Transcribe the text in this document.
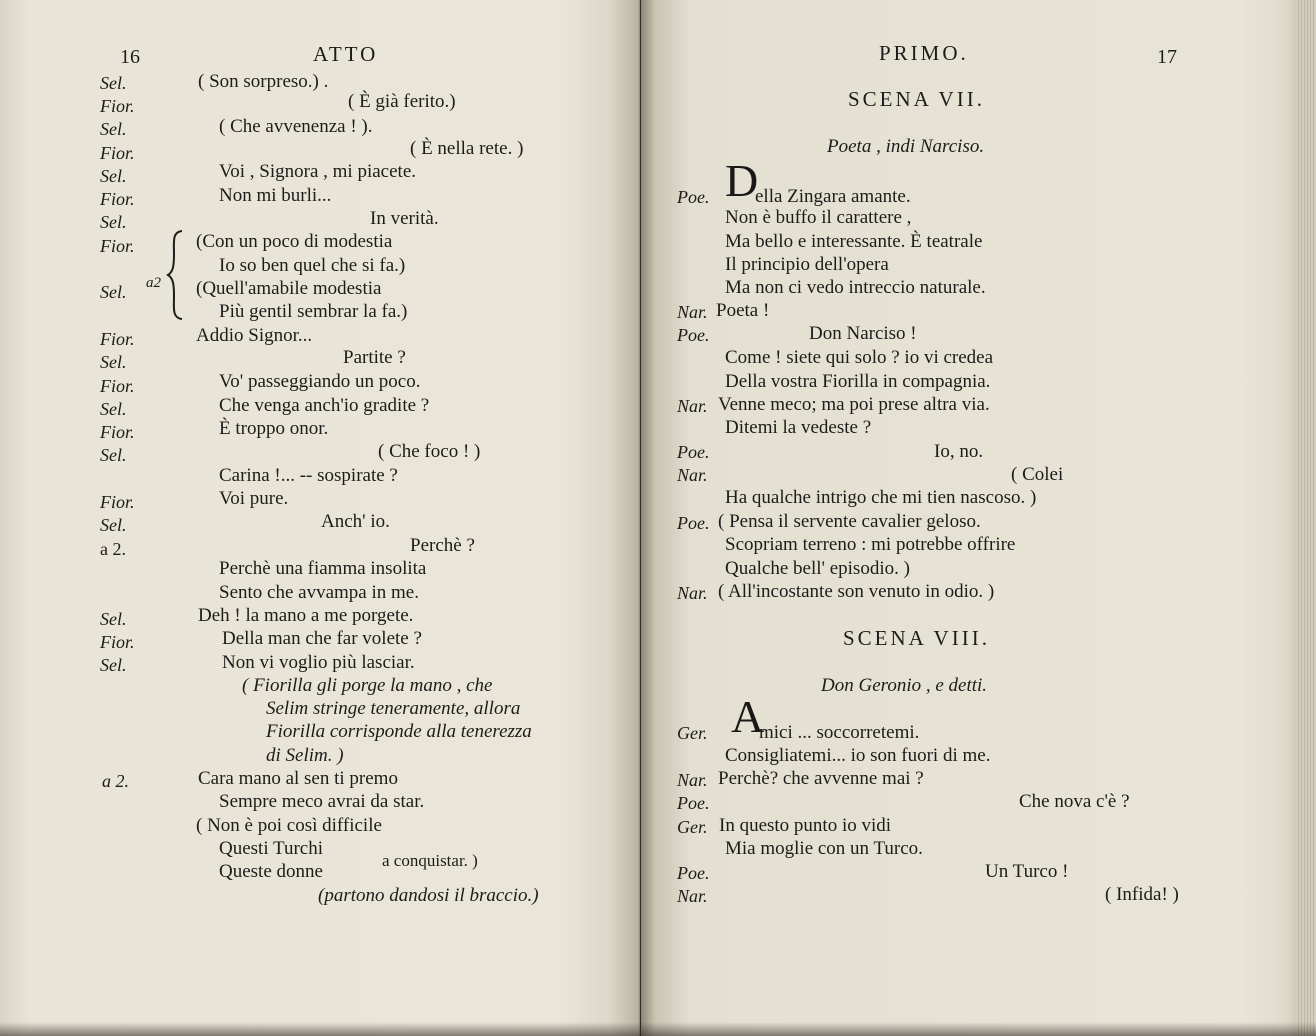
16	ATTO
Sel.	( Son sorpreso.) .
Fior.	( È già ferito.)
Sel.	( Che avvenenza ! ).
Fior.	( È nella rete. )
Sel.	Voi , Signora , mi piacete.
Fior.	Non mi burli...
Sel.	In verità.
Fior.	(Con un poco di modestia
Io so ben quel che si fa.)
Sel. a2 (Quell'amabile modestia
Più gentil sembrar la fa.)
Fior.	Addio Signor...
Sel.	Partite ?
Fior.	Vo' passeggiando un poco.
Sel.	Che venga anch'io gradite ?
Fior.	È troppo onor.
Sel.	( Che foco ! )
Carina !... -- sospirate ?
Fior.	Voi pure.
Sel.	Anch' io.
a 2.	Perchè ?
Perchè una fiamma insolita
Sento che avvampa in me.
Sel.	Deh ! la mano a me porgete.
Fior.	Della man che far volete ?
Sel.	Non vi voglio più lasciar.
( Fiorilla gli porge la mano , che
Selim stringe teneramente, allora
Fiorilla corrisponde alla tenerezza
di Selim. )
a 2.	Cara mano al sen ti premo
Sempre meco avrai da star.
( Non è poi così difficile
Questi Turchi
Queste donne
a conquistar. )
(partono dandosi il braccio.)
PRIMO.	17
SCENA VII.
Poeta , indi Narciso.
Poe. D
ella Zingara amante.
Non è buffo il carattere ,
Ma bello e interessante. È teatrale
Il principio dell'opera
Ma non ci vedo intreccio naturale.
Nar. Poeta !
Poe.	Don Narciso !
Come ! siete qui solo ? io vi credea
Della vostra Fiorilla in compagnia.
Nar. Venne meco; ma poi prese altra via.
Ditemi la vedeste ?
Poe.	Io, no.
Nar.	( Colei
Ha qualche intrigo che mi tien nascoso. )
Poe. ( Pensa il servente cavalier geloso.
Scopriam terreno : mi potrebbe offrire
Qualche bell' episodio. )
Nar. ( All'incostante son venuto in odio. )
SCENA VIII.
Don Geronio , e detti.
Ger. A
mici ... soccorretemi.
Consigliatemi... io son fuori di me.
Nar. Perchè? che avvenne mai ?
Poe.	Che nova c'è ?
Ger. In questo punto io vidi
Mia moglie con un Turco.
Poe.	Un Turco !
Nar.	( Infida! )
